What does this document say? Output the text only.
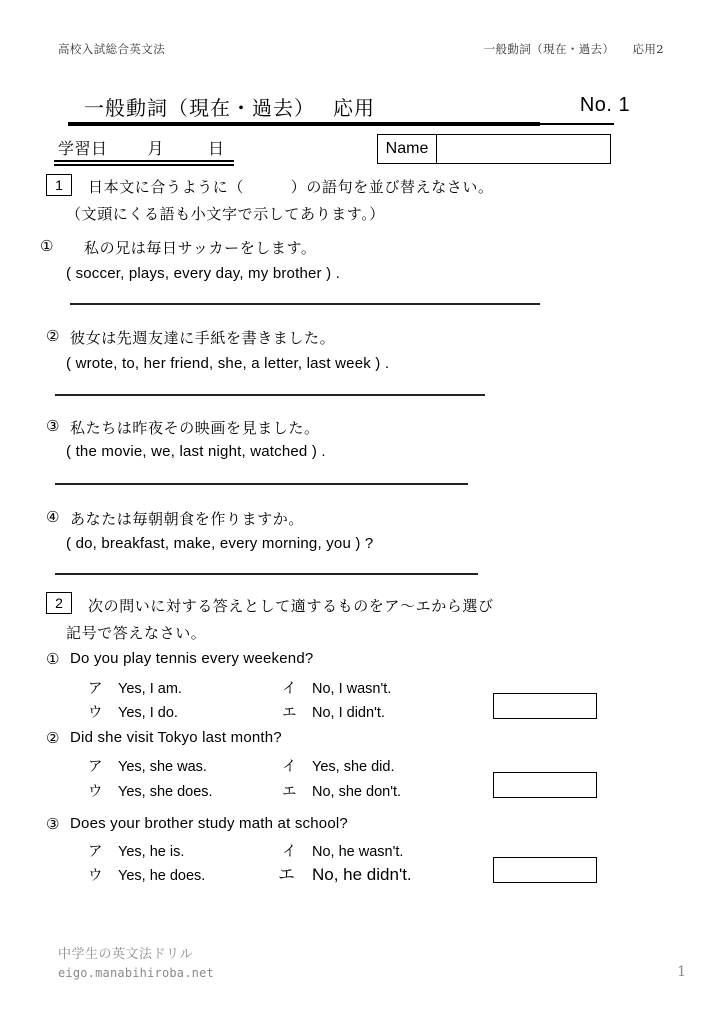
高校入試総合英文法	一般動詞（現在・過去） 応用2
一般動詞（現在・過去） 応用	No. 1
学習日	月	日	Name
1	日本文に合うように（　　　）の語句を並び替えなさい。
（文頭にくる語も小文字で示してあります。）
① 私の兄は毎日サッカーをします。
( soccer, plays, every day, my brother ) .
② 彼女は先週友達に手紙を書きました。
( wrote, to, her friend, she, a letter, last week ) .
③ 私たちは昨夜その映画を見ました。
( the movie, we, last night, watched ) .
④ あなたは毎朝朝食を作りますか。
( do, breakfast, make, every morning, you ) ?
2	次の問いに対する答えとして適するものをア～エから選び
記号で答えなさい。
① Do you play tennis every weekend?
ア Yes, I am.	イ No, I wasn't.
ウ Yes, I do.	エ No, I didn't.
② Did she visit Tokyo last month?
ア Yes, she was.	イ Yes, she did.
ウ Yes, she does.	エ No, she don't.
③ Does your brother study math at school?
ア Yes, he is.	イ No, he wasn't.
ウ Yes, he does.	エ No, he didn't.
中学生の英文法ドリル
eigo.manabihiroba.net	1
